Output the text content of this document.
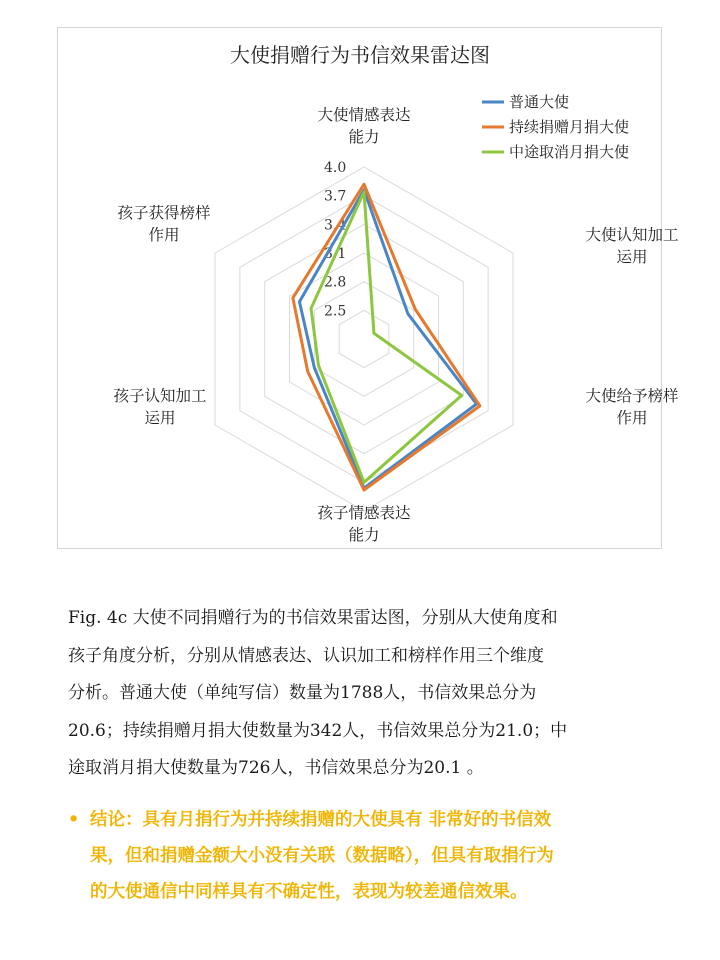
大使捐赠行为书信效果雷达图
4.0
3.7
3.4
3.1
2.8
2.5
大使情感表达
能力
大使认知加工
运用
大使给予榜样
作用
孩子情感表达
能力
孩子认知加工
运用
孩子获得榜样
作用
普通大使
持续捐赠月捐大使
中途取消月捐大使
Fig. 4c 大使不同捐赠行为的书信效果雷达图，分别从大使角度和
孩子角度分析，分别从情感表达、认识加工和榜样作用三个维度
分析。普通大使（单纯写信）数量为1788人，书信效果总分为
20.6；持续捐赠月捐大使数量为342人，书信效果总分为21.0；中
途取消月捐大使数量为726人，书信效果总分为20.1 。
• 结论：具有月捐行为并持续捐赠的大使具有 非常好的书信效
果，但和捐赠金额大小没有关联（数据略），但具有取捐行为
的大使通信中同样具有不确定性，表现为较差通信效果。
